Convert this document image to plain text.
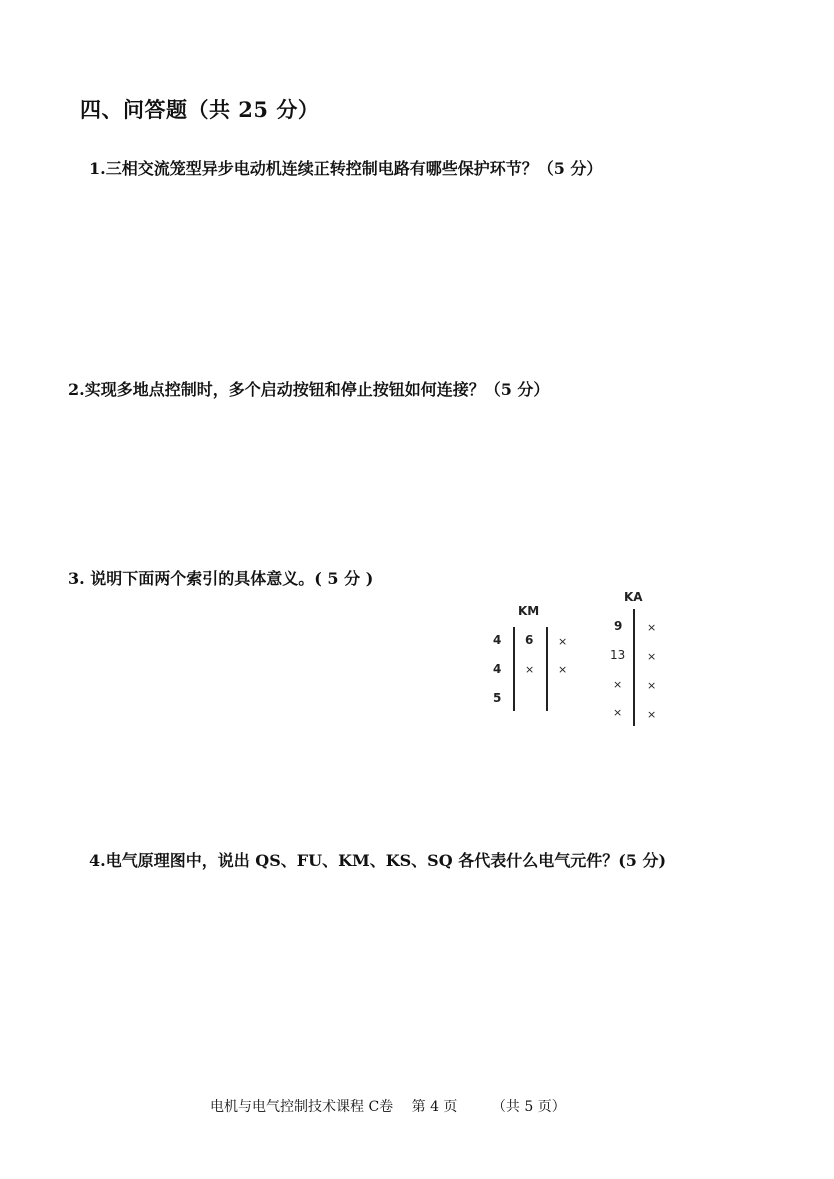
四、问答题（共 25 分）
1.三相交流笼型异步电动机连续正转控制电路有哪些保护环节？（5 分）
2.实现多地点控制时，多个启动按钮和停止按钮如何连接？（5 分）
3. 说明下面两个索引的具体意义。( 5 分 )
KM
4
4
5
6
×
×
×
KA
9
13
×
×
×
×
×
×
4.电气原理图中，说出 QS、FU、KM、KS、SQ 各代表什么电气元件？(5 分)
电机与电气控制技术课程 C卷 第 4 页 （共 5 页）
